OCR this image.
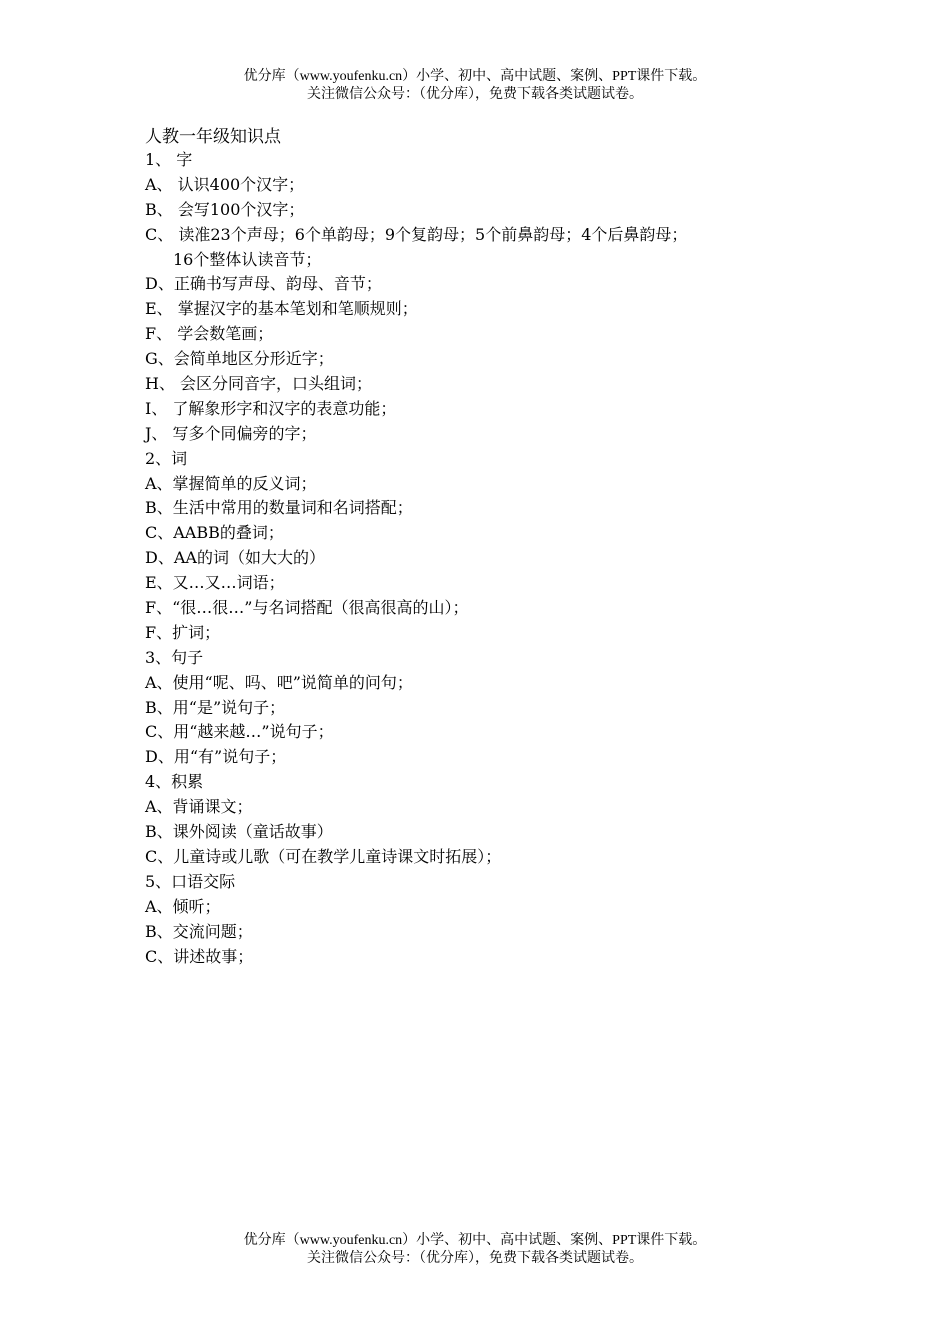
优分库（www.youfenku.cn）小学、初中、高中试题、案例、PPT课件下载。
关注微信公众号：（优分库），免费下载各类试题试卷。
人教一年级知识点
1、 字
A、 认识400个汉字；
B、 会写100个汉字；
C、 读准23个声母；6个单韵母；9个复韵母；5个前鼻韵母；4个后鼻韵母；
16个整体认读音节；
D、正确书写声母、韵母、音节；
E、 掌握汉字的基本笔划和笔顺规则；
F、 学会数笔画；
G、会简单地区分形近字；
H、 会区分同音字，口头组词；
I、 了解象形字和汉字的表意功能；
J、 写多个同偏旁的字；
2、词
A、掌握简单的反义词；
B、生活中常用的数量词和名词搭配；
C、AABB的叠词；
D、AA的词（如大大的）
E、又…又…词语；
F、“很…很…”与名词搭配（很高很高的山）；
F、扩词；
3、句子
A、使用“呢、吗、吧”说简单的问句；
B、用“是”说句子；
C、用“越来越…”说句子；
D、用“有”说句子；
4、积累
A、背诵课文；
B、课外阅读（童话故事）
C、儿童诗或儿歌（可在教学儿童诗课文时拓展）；
5、口语交际
A、倾听；
B、交流问题；
C、讲述故事；
优分库（www.youfenku.cn）小学、初中、高中试题、案例、PPT课件下载。
关注微信公众号：（优分库），免费下载各类试题试卷。
